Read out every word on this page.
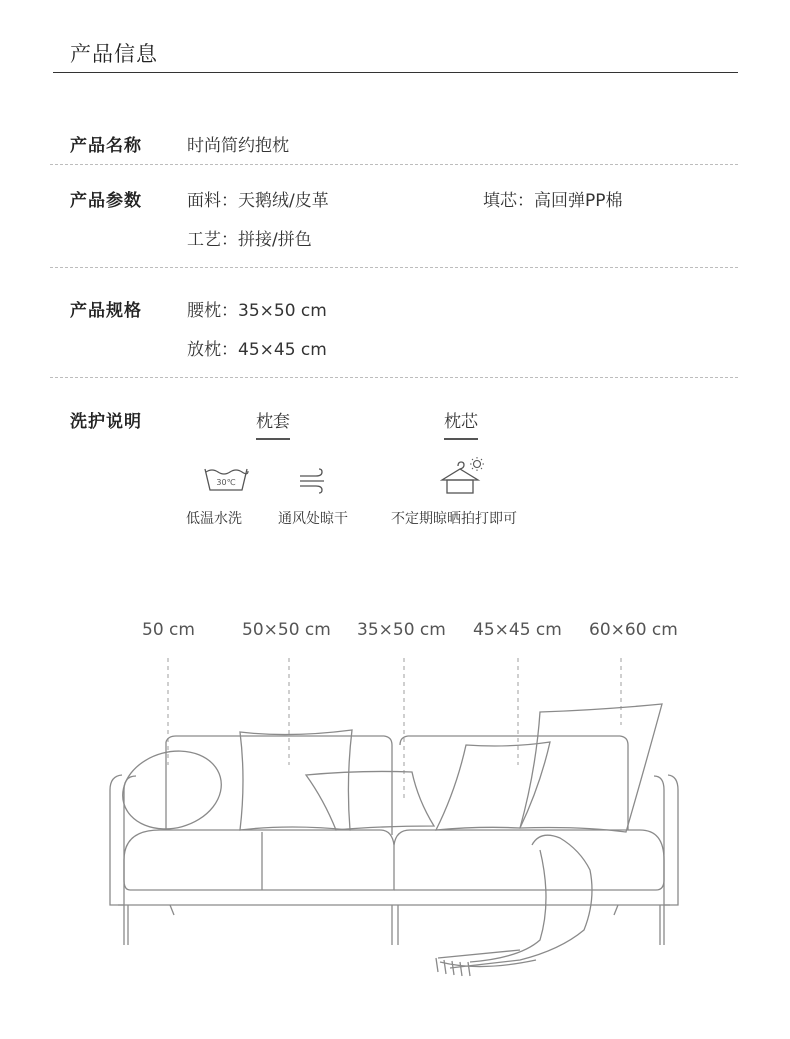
产品信息
产品名称	时尚简约抱枕
产品参数	面料：天鹅绒/皮革	填芯：高回弹PP棉
工艺：拼接/拼色
产品规格	腰枕：35×50 cm
放枕：45×45 cm
洗护说明	枕套	枕芯
30℃
低温水洗	通风处晾干	不定期晾晒拍打即可
50 cm	50×50 cm 35×50 cm 45×45 cm 60×60 cm
